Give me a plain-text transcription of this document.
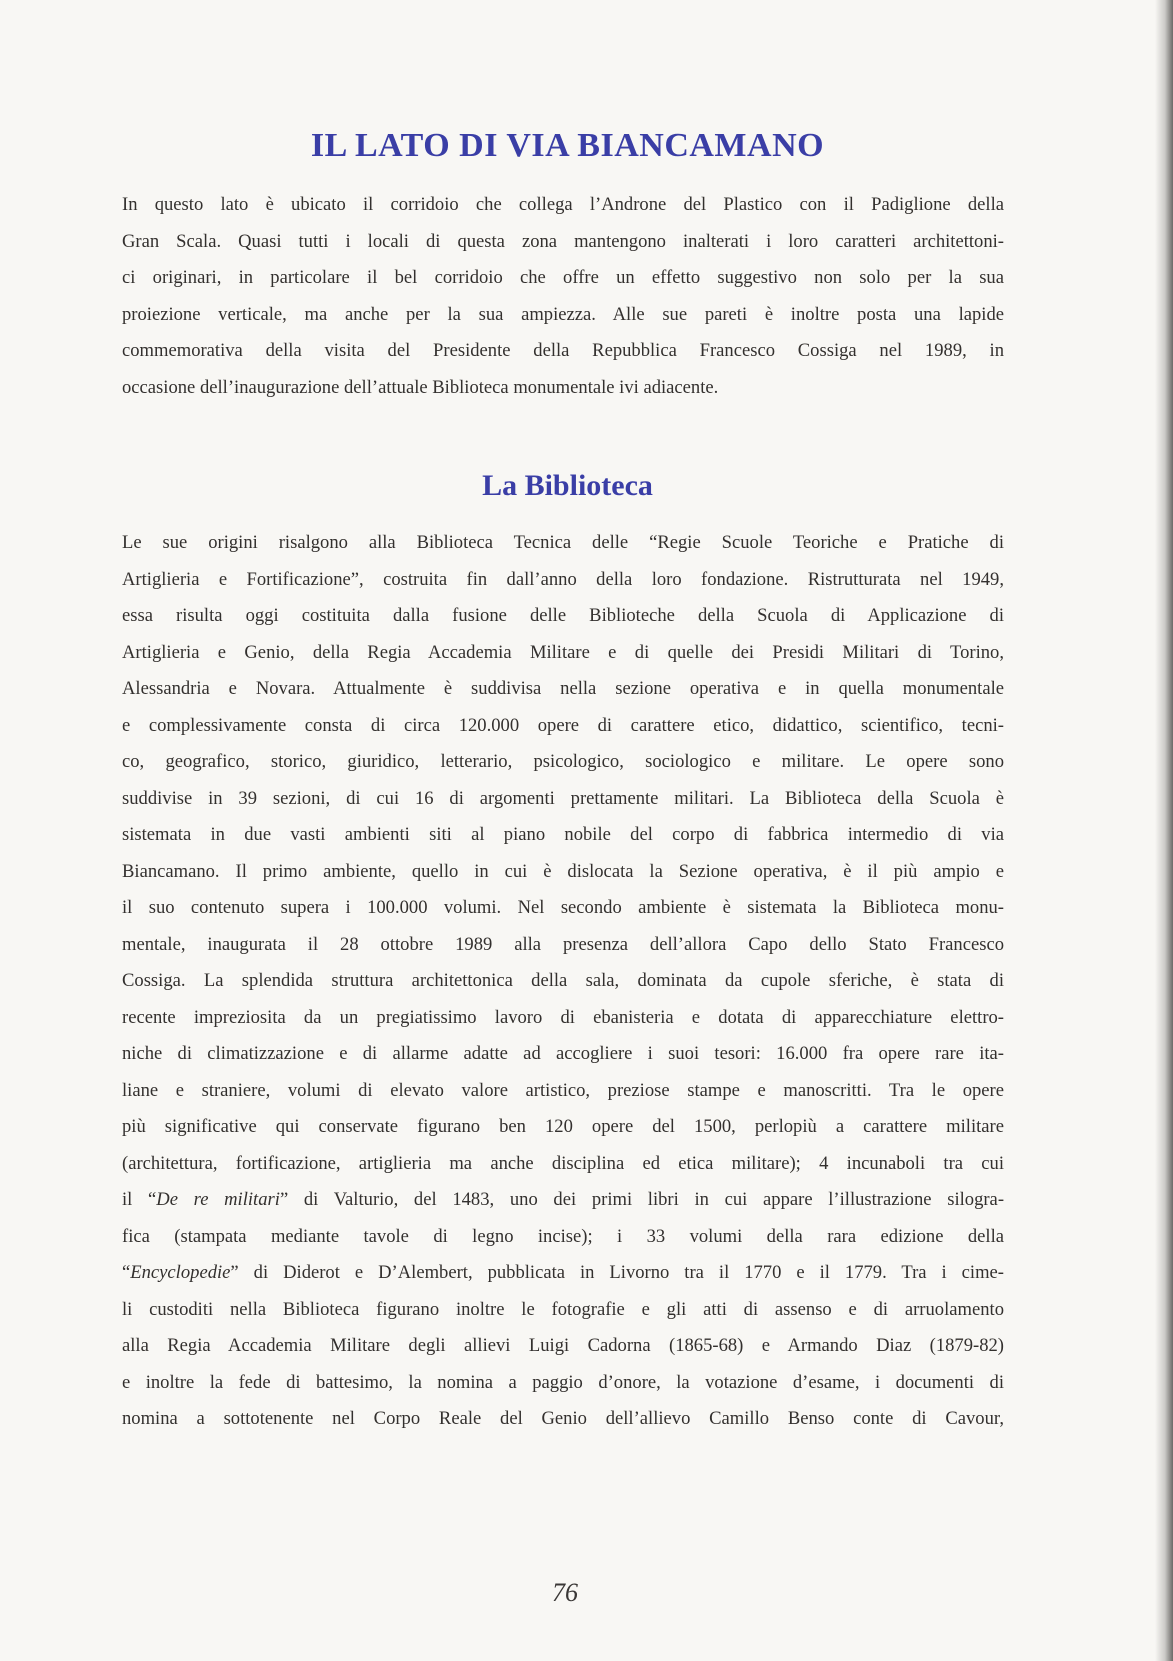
IL LATO DI VIA BIANCAMANO
In questo lato è ubicato il corridoio che collega l’Androne del Plastico con il Padiglione della
Gran Scala. Quasi tutti i locali di questa zona mantengono inalterati i loro caratteri architettoni-
ci originari, in particolare il bel corridoio che offre un effetto suggestivo non solo per la sua
proiezione verticale, ma anche per la sua ampiezza. Alle sue pareti è inoltre posta una lapide
commemorativa della visita del Presidente della Repubblica Francesco Cossiga nel 1989, in
occasione dell’inaugurazione dell’attuale Biblioteca monumentale ivi adiacente.
La Biblioteca
Le sue origini risalgono alla Biblioteca Tecnica delle “Regie Scuole Teoriche e Pratiche di
Artiglieria e Fortificazione”, costruita fin dall’anno della loro fondazione. Ristrutturata nel 1949,
essa risulta oggi costituita dalla fusione delle Biblioteche della Scuola di Applicazione di
Artiglieria e Genio, della Regia Accademia Militare e di quelle dei Presidi Militari di Torino,
Alessandria e Novara. Attualmente è suddivisa nella sezione operativa e in quella monumentale
e complessivamente consta di circa 120.000 opere di carattere etico, didattico, scientifico, tecni-
co, geografico, storico, giuridico, letterario, psicologico, sociologico e militare. Le opere sono
suddivise in 39 sezioni, di cui 16 di argomenti prettamente militari. La Biblioteca della Scuola è
sistemata in due vasti ambienti siti al piano nobile del corpo di fabbrica intermedio di via
Biancamano. Il primo ambiente, quello in cui è dislocata la Sezione operativa, è il più ampio e
il suo contenuto supera i 100.000 volumi. Nel secondo ambiente è sistemata la Biblioteca monu-
mentale, inaugurata il 28 ottobre 1989 alla presenza dell’allora Capo dello Stato Francesco
Cossiga. La splendida struttura architettonica della sala, dominata da cupole sferiche, è stata di
recente impreziosita da un pregiatissimo lavoro di ebanisteria e dotata di apparecchiature elettro-
niche di climatizzazione e di allarme adatte ad accogliere i suoi tesori: 16.000 fra opere rare ita-
liane e straniere, volumi di elevato valore artistico, preziose stampe e manoscritti. Tra le opere
più significative qui conservate figurano ben 120 opere del 1500, perlopiù a carattere militare
(architettura, fortificazione, artiglieria ma anche disciplina ed etica militare); 4 incunaboli tra cui
il “De re militari” di Valturio, del 1483, uno dei primi libri in cui appare l’illustrazione silogra-
fica (stampata mediante tavole di legno incise); i 33 volumi della rara edizione della
“Encyclopedie” di Diderot e D’Alembert, pubblicata in Livorno tra il 1770 e il 1779. Tra i cime-
li custoditi nella Biblioteca figurano inoltre le fotografie e gli atti di assenso e di arruolamento
alla Regia Accademia Militare degli allievi Luigi Cadorna (1865-68) e Armando Diaz (1879-82)
e inoltre la fede di battesimo, la nomina a paggio d’onore, la votazione d’esame, i documenti di
nomina a sottotenente nel Corpo Reale del Genio dell’allievo Camillo Benso conte di Cavour,
76
